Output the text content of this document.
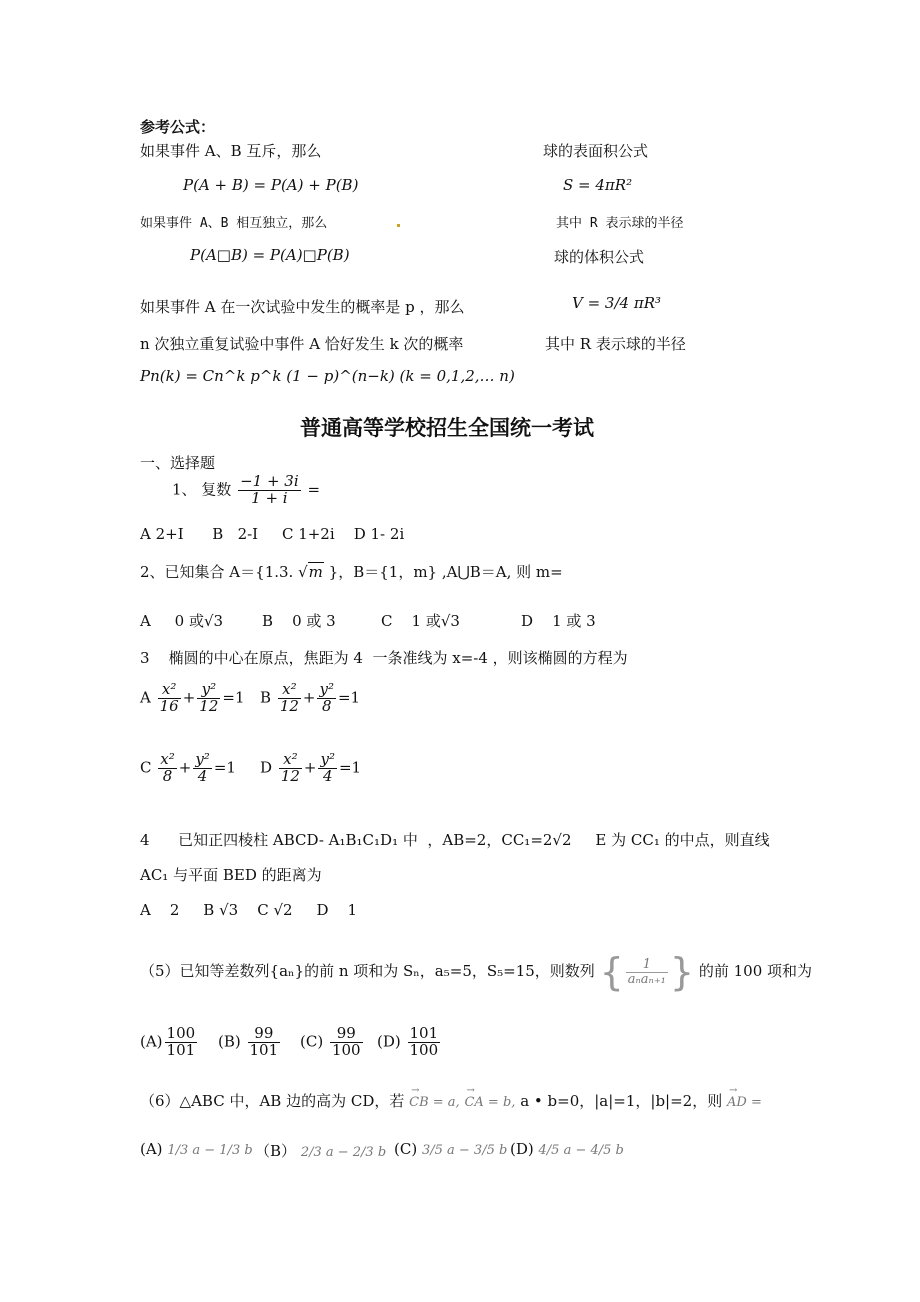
参考公式：
如果事件 A、B 互斥，那么
P(A + B) = P(A) + P(B)
如果事件 A、B 相互独立，那么
P(A□B) = P(A)□P(B)
如果事件 A 在一次试验中发生的概率是 p ，那么
n 次独立重复试验中事件 A 恰好发生 k 次的概率
Pn(k) = Cn^k p^k (1 − p)^(n−k) (k = 0,1,2,… n)
球的表面积公式
S = 4πR²
其中 R 表示球的半径
球的体积公式
V = 3/4 πR³
其中 R 表示球的半径
普通高等学校招生全国统一考试
一、选择题
1、 复数 $\frac{-1 + 3i}{1 + i}$ =
A 2+I      B   2-I     C 1+2i    D 1- 2i
2、已知集合 A＝{1.3. √m }，B＝{1，m} ,A⋃B＝A, 则 m=
A     0 或√3	B    0 或 3	C    1 或√3	D    1 或 3
3    椭圆的中心在原点，焦距为 4  一条准线为 x=-4 ，则该椭圆的方程为
A $\frac{\text{x²}}{16} + \frac{\text{y²}}{12} =1$ B $\frac{\text{x²}}{12} + \frac{\text{y²}}{8} =1$
C $\frac{\text{x²}}{8} + \frac{\text{y²}}{4} =1$ D $\frac{\text{x²}}{12} + \frac{\text{y²}}{4} =1$
4      已知正四棱柱 ABCD- A₁B₁C₁D₁ 中  ，AB=2，CC₁=2√2     E 为 CC₁ 的中点，则直线
AC₁ 与平面 BED 的距离为
A    2     B √3    C √2     D    1
（5）已知等差数列{aₙ}的前 n 项和为 Sₙ，a₅=5，S₅=15，则数列 { $\frac{1}{\text{aₙaₙ₊₁}}$ } 的前 100 项和为
$(A) \frac{100}{101} (B) \frac{99}{101} (C) \frac{99}{100} (D) \frac{101}{100}$
（6）△ABC 中，AB 边的高为 CD，若 → CB = a, → CA = b, a • b=0，|a|=1，|b|=2，则 → AD =
(A) 1/3 a − 1/3 b （B） 2/3 a − 2/3 b (C) 3/5 a − 3/5 b (D) 4/5 a − 4/5 b
